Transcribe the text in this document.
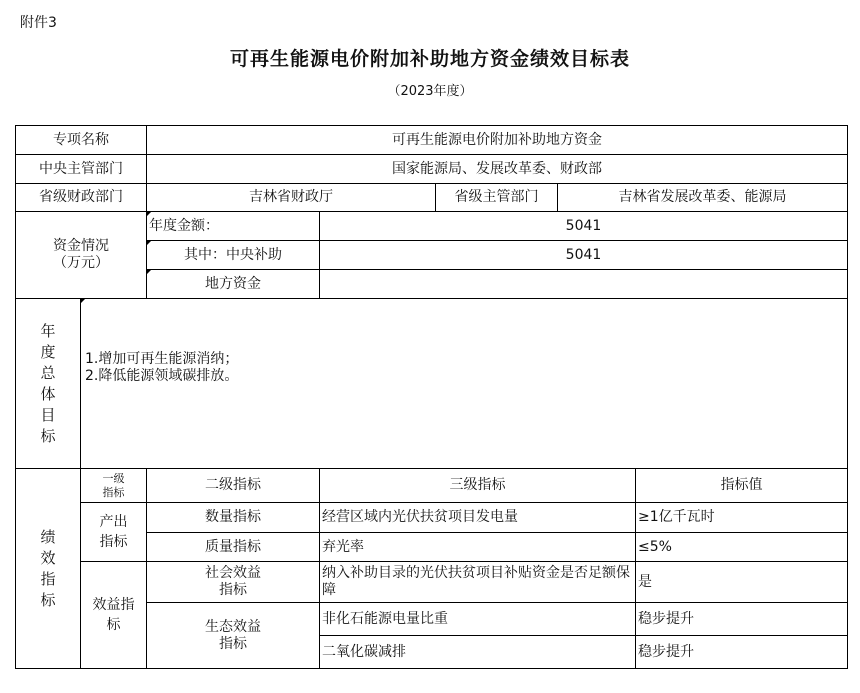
附件3
可再生能源电价附加补助地方资金绩效目标表
（2023年度）
专项名称		可再生能源电价附加补助地方资金				
中央主管部门		国家能源局、发展改革委、财政部				
省级财政部门		吉林省财政厅		省级主管部门	吉林省发展改革委、能源局	

资金情况
（万元）		年度金额：	5041			
		其中：中央补助	5041			
		地方资金				

年度总体目标	1.增加可再生能源消纳；
2.降低能源领域碳排放。					

绩效指标	一级指标	二级指标	三级指标			指标值

	产出指标	数量指标	经营区域内光伏扶贫项目发电量			≥1亿千瓦时
		质量指标	弃光率			≤5%

	效益指标	社会效益指标	纳入补助目录的光伏扶贫项目补贴资金是否足额保障			是

		生态效益指标	非化石能源电量比重			稳步提升
			二氧化碳减排			稳步提升
